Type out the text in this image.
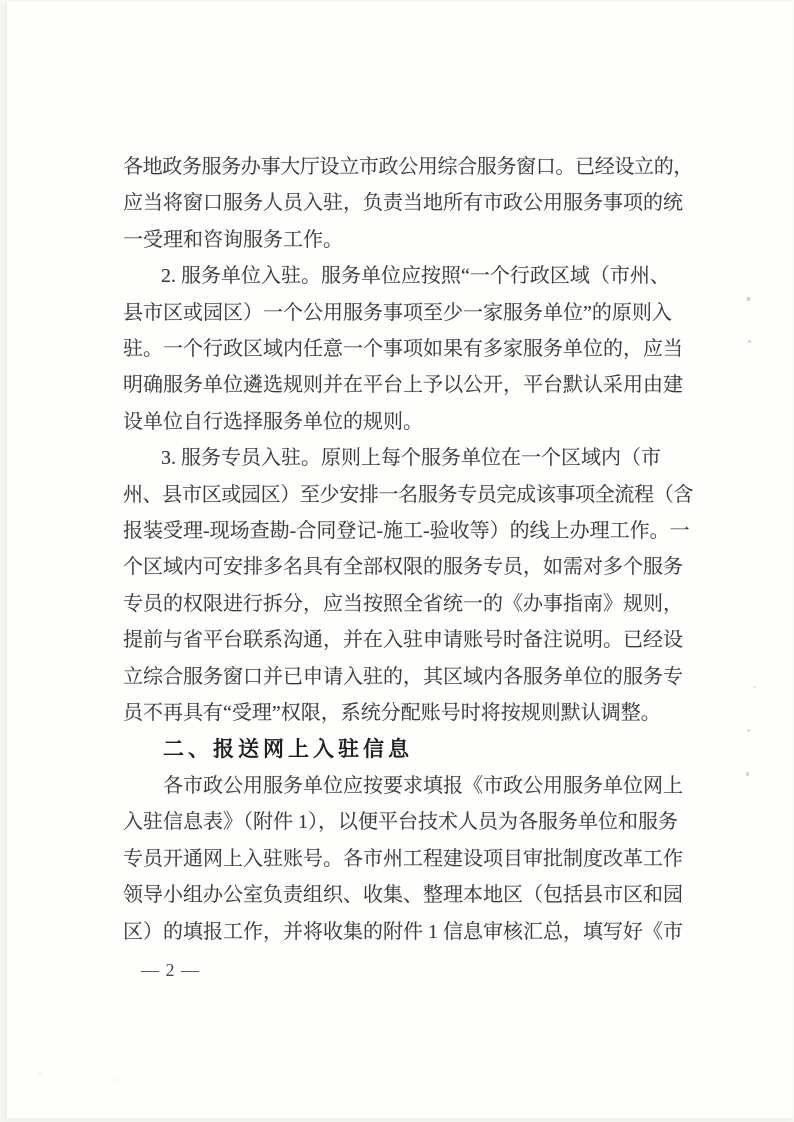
各地政务服务办事大厅设立市政公用综合服务窗口。已经设立的，
应当将窗口服务人员入驻，负责当地所有市政公用服务事项的统
一受理和咨询服务工作。
2. 服务单位入驻。服务单位应按照“一个行政区域（市州、
县市区或园区）一个公用服务事项至少一家服务单位”的原则入
驻。一个行政区域内任意一个事项如果有多家服务单位的，应当
明确服务单位遴选规则并在平台上予以公开，平台默认采用由建
设单位自行选择服务单位的规则。
3. 服务专员入驻。原则上每个服务单位在一个区域内（市
州、县市区或园区）至少安排一名服务专员完成该事项全流程（含
报装受理-现场查勘-合同登记-施工-验收等）的线上办理工作。一
个区域内可安排多名具有全部权限的服务专员，如需对多个服务
专员的权限进行拆分，应当按照全省统一的《办事指南》规则，
提前与省平台联系沟通，并在入驻申请账号时备注说明。已经设
立综合服务窗口并已申请入驻的，其区域内各服务单位的服务专
员不再具有“受理”权限，系统分配账号时将按规则默认调整。
二、报送网上入驻信息
各市政公用服务单位应按要求填报《市政公用服务单位网上
入驻信息表》（附件 1），以便平台技术人员为各服务单位和服务
专员开通网上入驻账号。各市州工程建设项目审批制度改革工作
领导小组办公室负责组织、收集、整理本地区（包括县市区和园
区）的填报工作，并将收集的附件 1 信息审核汇总，填写好《市
— 2 —
